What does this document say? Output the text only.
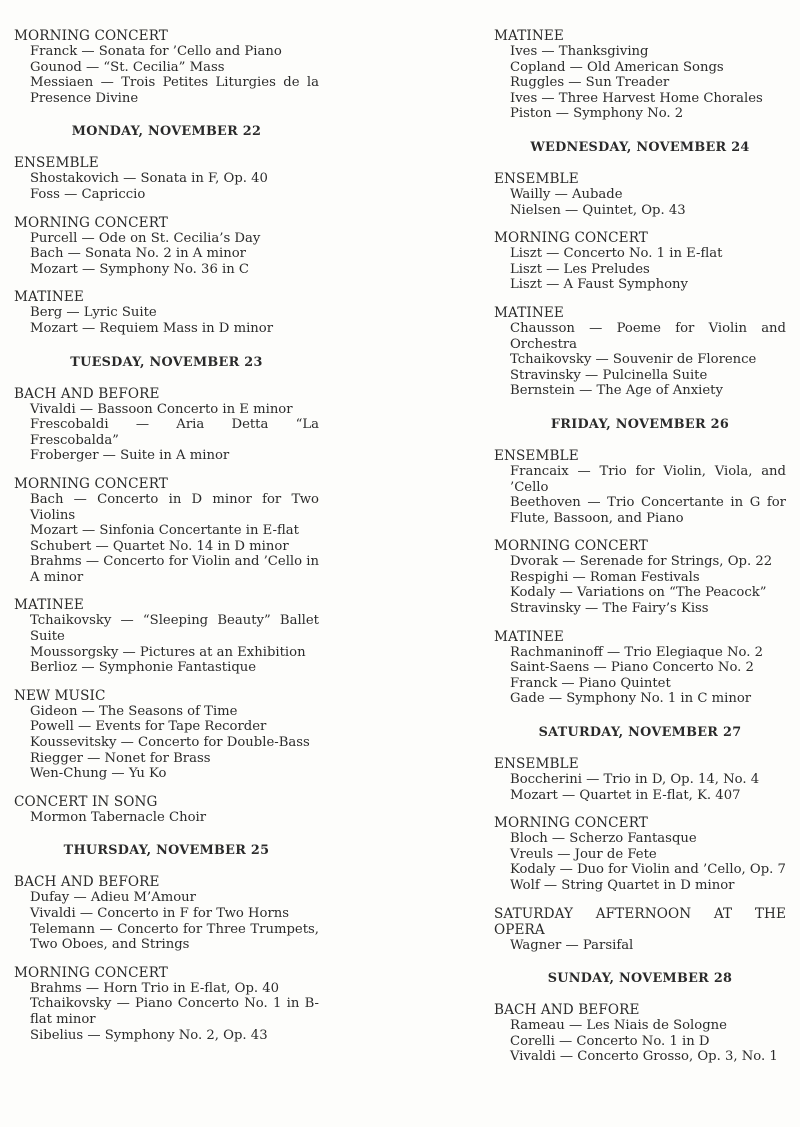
MORNING CONCERT
Franck — Sonata for ’Cello and Piano
Gounod — “St. Cecilia” Mass
Messiaen — Trois Petites Liturgies de la Presence Divine
MONDAY, NOVEMBER 22
ENSEMBLE
Shostakovich — Sonata in F, Op. 40
Foss — Capriccio
MORNING CONCERT
Purcell — Ode on St. Cecilia’s Day
Bach — Sonata No. 2 in A minor
Mozart — Symphony No. 36 in C
MATINEE
Berg — Lyric Suite
Mozart — Requiem Mass in D minor
TUESDAY, NOVEMBER 23
BACH AND BEFORE
Vivaldi — Bassoon Concerto in E minor
Frescobaldi — Aria Detta “La Frescobalda”
Froberger — Suite in A minor
MORNING CONCERT
Bach — Concerto in D minor for Two Violins
Mozart — Sinfonia Concertante in E-flat
Schubert — Quartet No. 14 in D minor
Brahms — Concerto for Violin and ’Cello in A minor
MATINEE
Tchaikovsky — “Sleeping Beauty” Ballet Suite
Moussorgsky — Pictures at an Exhibition
Berlioz — Symphonie Fantastique
NEW MUSIC
Gideon — The Seasons of Time
Powell — Events for Tape Recorder
Koussevitsky — Concerto for Double-Bass
Riegger — Nonet for Brass
Wen-Chung — Yu Ko
CONCERT IN SONG
Mormon Tabernacle Choir
THURSDAY, NOVEMBER 25
BACH AND BEFORE
Dufay — Adieu M’Amour
Vivaldi — Concerto in F for Two Horns
Telemann — Concerto for Three Trumpets, Two Oboes, and Strings
MORNING CONCERT
Brahms — Horn Trio in E-flat, Op. 40
Tchaikovsky — Piano Concerto No. 1 in B-flat minor
Sibelius — Symphony No. 2, Op. 43
MATINEE
Ives — Thanksgiving
Copland — Old American Songs
Ruggles — Sun Treader
Ives — Three Harvest Home Chorales
Piston — Symphony No. 2
WEDNESDAY, NOVEMBER 24
ENSEMBLE
Wailly — Aubade
Nielsen — Quintet, Op. 43
MORNING CONCERT
Liszt — Concerto No. 1 in E-flat
Liszt — Les Preludes
Liszt — A Faust Symphony
MATINEE
Chausson — Poeme for Violin and Orchestra
Tchaikovsky — Souvenir de Florence
Stravinsky — Pulcinella Suite
Bernstein — The Age of Anxiety
FRIDAY, NOVEMBER 26
ENSEMBLE
Francaix — Trio for Violin, Viola, and ’Cello
Beethoven — Trio Concertante in G for Flute, Bassoon, and Piano
MORNING CONCERT
Dvorak — Serenade for Strings, Op. 22
Respighi — Roman Festivals
Kodaly — Variations on “The Peacock”
Stravinsky — The Fairy’s Kiss
MATINEE
Rachmaninoff — Trio Elegiaque No. 2
Saint-Saens — Piano Concerto No. 2
Franck — Piano Quintet
Gade — Symphony No. 1 in C minor
SATURDAY, NOVEMBER 27
ENSEMBLE
Boccherini — Trio in D, Op. 14, No. 4
Mozart — Quartet in E-flat, K. 407
MORNING CONCERT
Bloch — Scherzo Fantasque
Vreuls — Jour de Fete
Kodaly — Duo for Violin and ’Cello, Op. 7
Wolf — String Quartet in D minor
SATURDAY AFTERNOON AT THE OPERA
Wagner — Parsifal
SUNDAY, NOVEMBER 28
BACH AND BEFORE
Rameau — Les Niais de Sologne
Corelli — Concerto No. 1 in D
Vivaldi — Concerto Grosso, Op. 3, No. 1
